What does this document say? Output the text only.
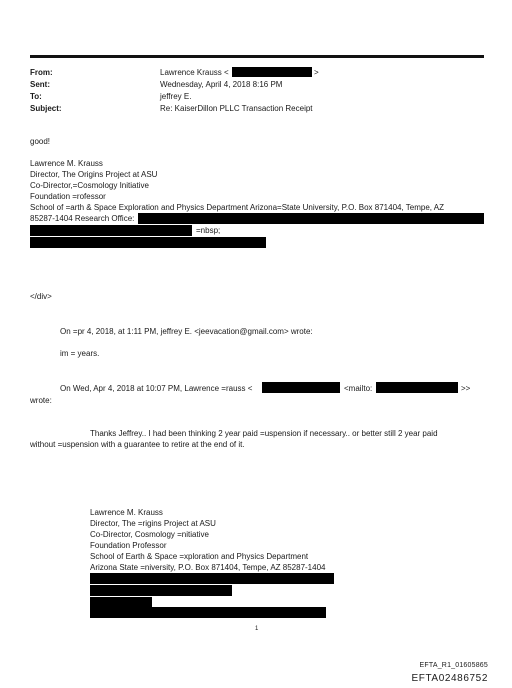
From:	Lawrence Krauss <	>
Sent:	Wednesday, April 4, 2018 8:16 PM
To:	jeffrey E.
Subject:	Re: KaiserDillon PLLC Transaction Receipt
good!
Lawrence M. Krauss
Director, The Origins Project at ASU
Co-Director,=Cosmology Initiative
Foundation =rofessor
School of =arth & Space Exploration and Physics Department Arizona=State University, P.O. Box 871404, Tempe, AZ
85287-1404 Research Office:
=nbsp;
</div>
On =pr 4, 2018, at 1:11 PM, jeffrey E. <jeevacation@gmail.com> wrote:
im = years.
On Wed, Apr 4, 2018 at 10:07 PM, Lawrence =rauss <	<mailto:	>>
wrote:
Thanks Jeffrey.. I had been thinking 2 year paid =uspension if necessary.. or better still 2 year paid
without =uspension with a guarantee to retire at the end of it.
Lawrence M. Krauss
Director, The =rigins Project at ASU
Co-Director, Cosmology =nitiative
Foundation Professor
School of Earth & Space =xploration and Physics Department
Arizona State =niversity, P.O. Box 871404, Tempe, AZ 85287-1404
1
EFTA_R1_01605865
EFTA02486752
